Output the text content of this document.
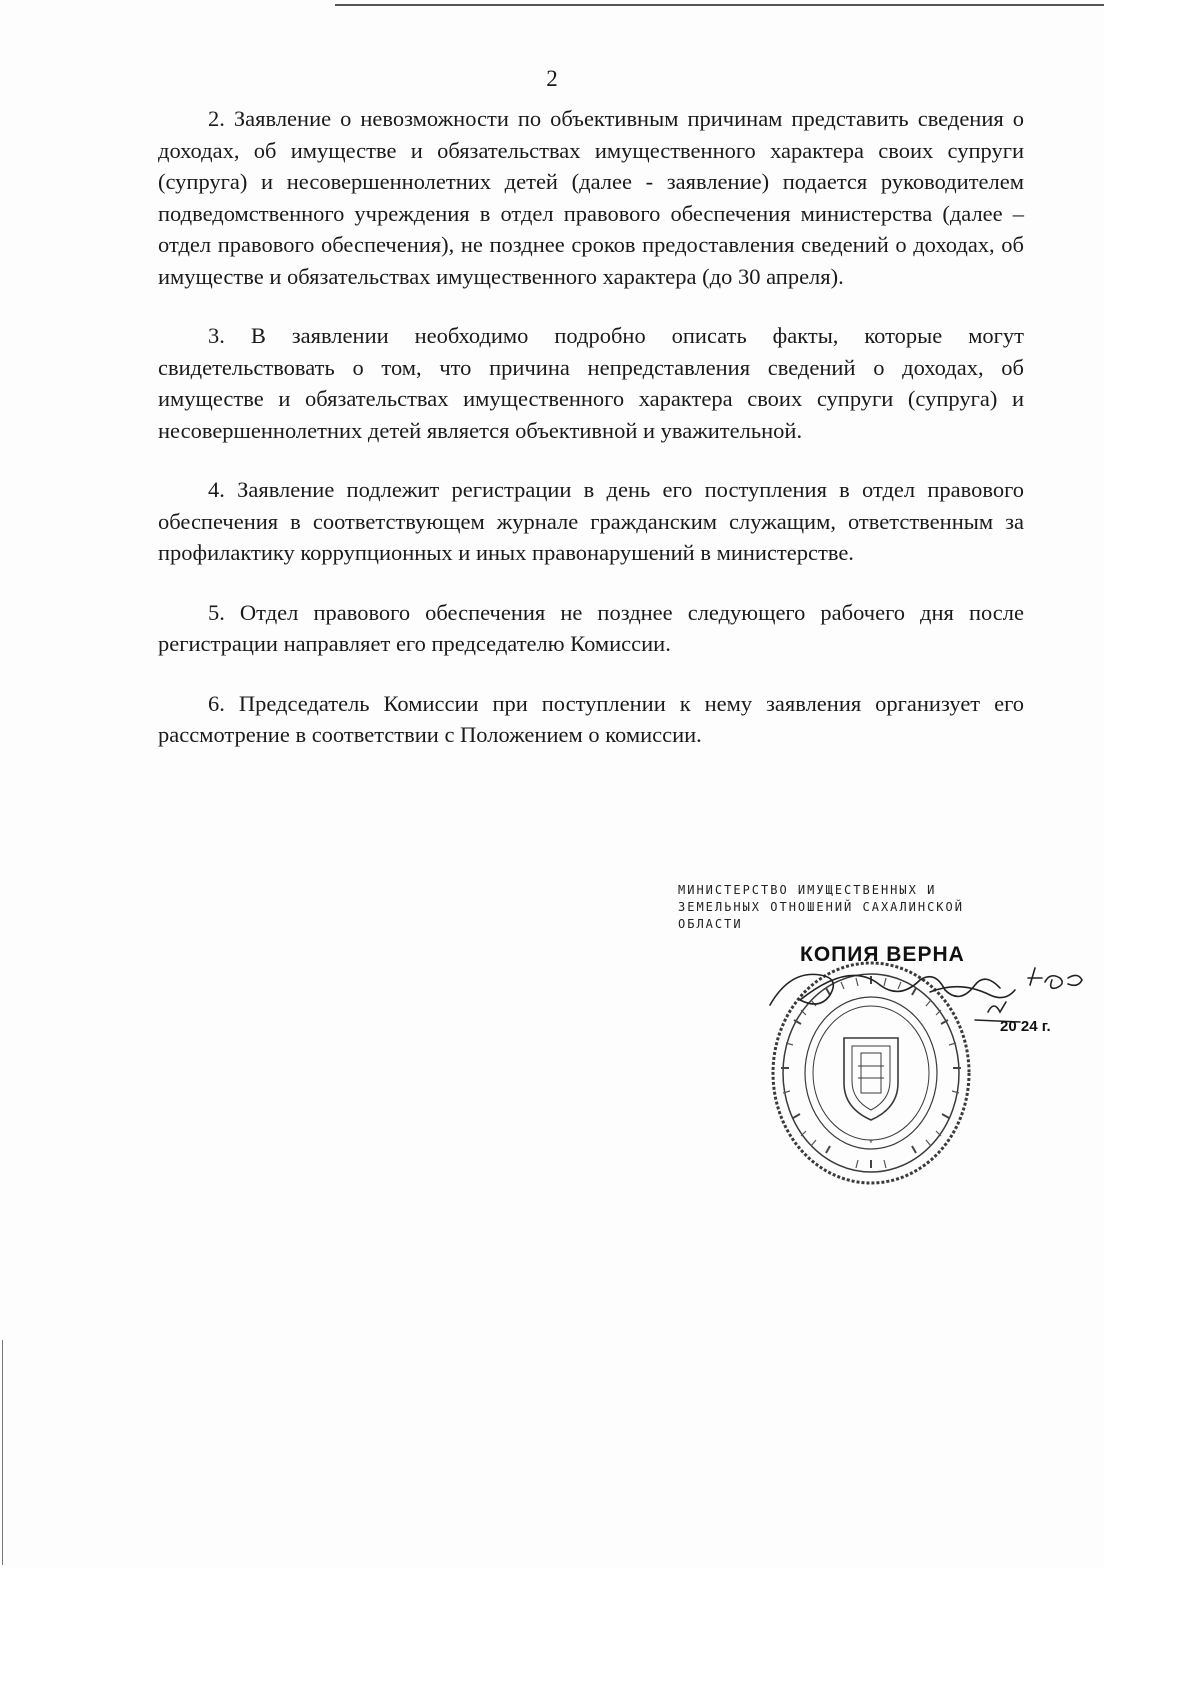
2

2. Заявление о невозможности по объективным причинам представить сведения о доходах, об имуществе и обязательствах имущественного характера своих супруги (супруга) и несовершеннолетних детей (далее - заявление) подается руководителем подведомственного учреждения в отдел правового обеспечения министерства (далее – отдел правового обеспечения), не позднее сроков предоставления сведений о доходах, об имуществе и обязательствах имущественного характера (до 30 апреля).

3. В заявлении необходимо подробно описать факты, которые могут свидетельствовать о том, что причина непредставления сведений о доходах, об имуществе и обязательствах имущественного характера своих супруги (супруга) и несовершеннолетних детей является объективной и уважительной.

4. Заявление подлежит регистрации в день его поступления в отдел правового обеспечения в соответствующем журнале гражданским служащим, ответственным за профилактику коррупционных и иных правонарушений в министерстве.

5. Отдел правового обеспечения не позднее следующего рабочего дня после регистрации направляет его председателю Комиссии.

6. Председатель Комиссии при поступлении к нему заявления организует его рассмотрение в соответствии с Положением о комиссии.

МИНИСТЕРСТВО ИМУЩЕСТВЕННЫХ И
ЗЕМЕЛЬНЫХ ОТНОШЕНИЙ САХАЛИНСКОЙ
ОБЛАСТИ
*
КОПИЯ ВЕРНА
20 24 г.
